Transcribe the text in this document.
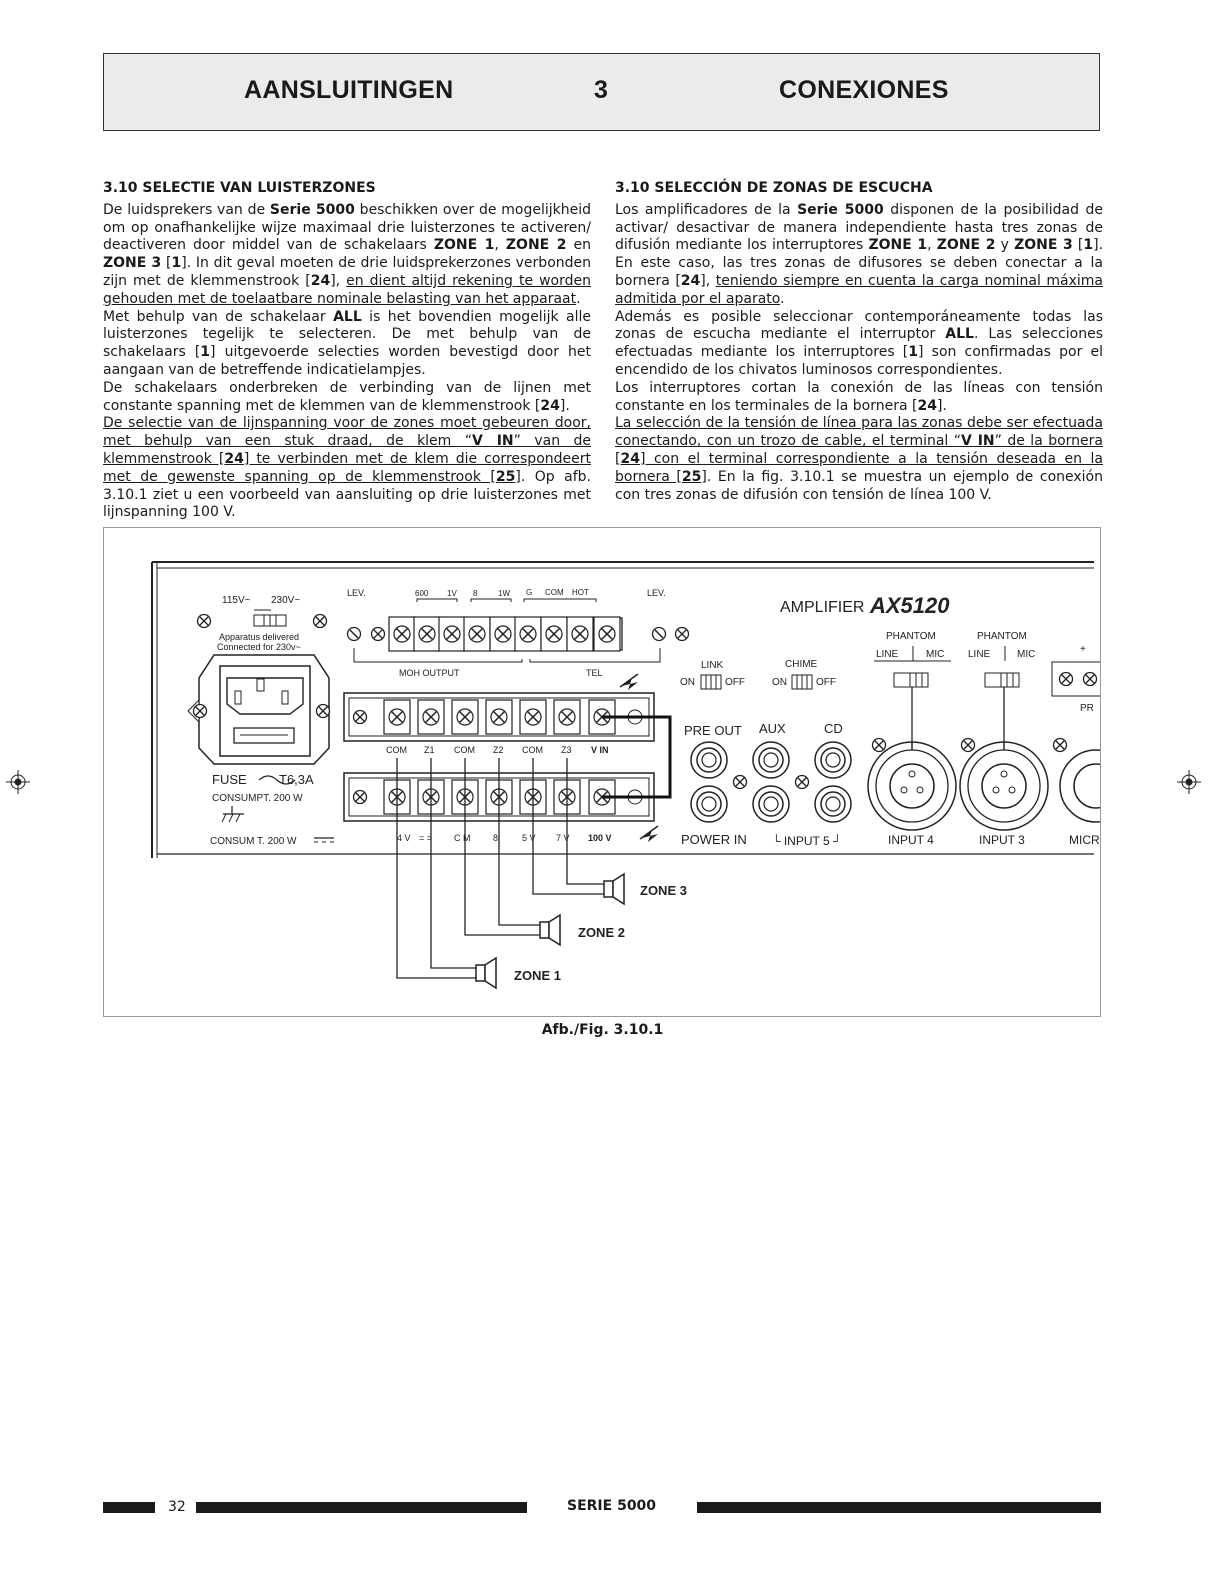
AANSLUITINGEN	3	CONEXIONES
3.10 SELECTIE VAN LUISTERZONES

De luidsprekers van de Serie 5000 beschikken over de mogelijkheid om op onafhankelijke wijze maximaal drie luisterzones te activeren/ deactiveren door middel van de schakelaars ZONE 1, ZONE 2 en ZONE 3 [1]. In dit geval moeten de drie luidsprekerzones verbonden zijn met de klemmenstrook [24], en dient altijd rekening te worden gehouden met de toelaatbare nominale belasting van het apparaat.

Met behulp van de schakelaar ALL is het bovendien mogelijk alle luisterzones tegelijk te selecteren. De met behulp van de schakelaars [1] uitgevoerde selecties worden bevestigd door het aangaan van de betreffende indicatielampjes.

De schakelaars onderbreken de verbinding van de lijnen met constante spanning met de klemmen van de klemmenstrook [24].

De selectie van de lijnspanning voor de zones moet gebeuren door, met behulp van een stuk draad, de klem “V IN” van de klemmenstrook [24] te verbinden met de klem die correspondeert met de gewenste spanning op de klemmenstrook [25]. Op afb. 3.10.1 ziet u een voorbeeld van aansluiting op drie luisterzones met lijnspanning 100 V.

3.10 SELECCIÓN DE ZONAS DE ESCUCHA

Los amplificadores de la Serie 5000 disponen de la posibilidad de activar/ desactivar de manera independiente hasta tres zonas de difusión mediante los interruptores ZONE 1, ZONE 2 y ZONE 3 [1]. En este caso, las tres zonas de difusores se deben conectar a la bornera [24], teniendo siempre en cuenta la carga nominal máxima admitida por el aparato.

Además es posible seleccionar contemporáneamente todas las zonas de escucha mediante el interruptor ALL. Las selecciones efectuadas mediante los interruptores [1] son confirmadas por el encendido de los chivatos luminosos correspondientes.

Los interruptores cortan la conexión de las líneas con tensión constante en los terminales de la bornera [24].

La selección de la tensión de línea para las zonas debe ser efectuada conectando, con un trozo de cable, el terminal “V IN” de la bornera [24] con el terminal correspondiente a la tensión deseada en la bornera [25]. En la fig. 3.10.1 se muestra un ejemplo de conexión con tres zonas de difusión con tensión de línea 100 V.

115V~ 230V~
Apparatus delivered
Connected for 230v~
FUSE T6,3A
CONSUMPT. 200 W
CONSUM T. 200 W
LEV.	LEV.
600 1V 8	1W G COM HOT
MOH OUTPUT	TEL
COM Z1 COM Z2 COM Z3 V IN
4 V = = C M	8	5 V 7 V 100 V
ZONE 3
ZONE 2
ZONE 1
AMPLIFIER AX5120
LINK
ON	OFF
CHIME
ON	OFF
PHANTOM
LINE	MIC
PHANTOM
LINE	MIC	+
PR
PRE OUT AUX	CD
POWER IN └ INPUT 5 ┘	INPUT 4	INPUT 3	MICR
Afb./Fig. 3.10.1
32	SERIE 5000
